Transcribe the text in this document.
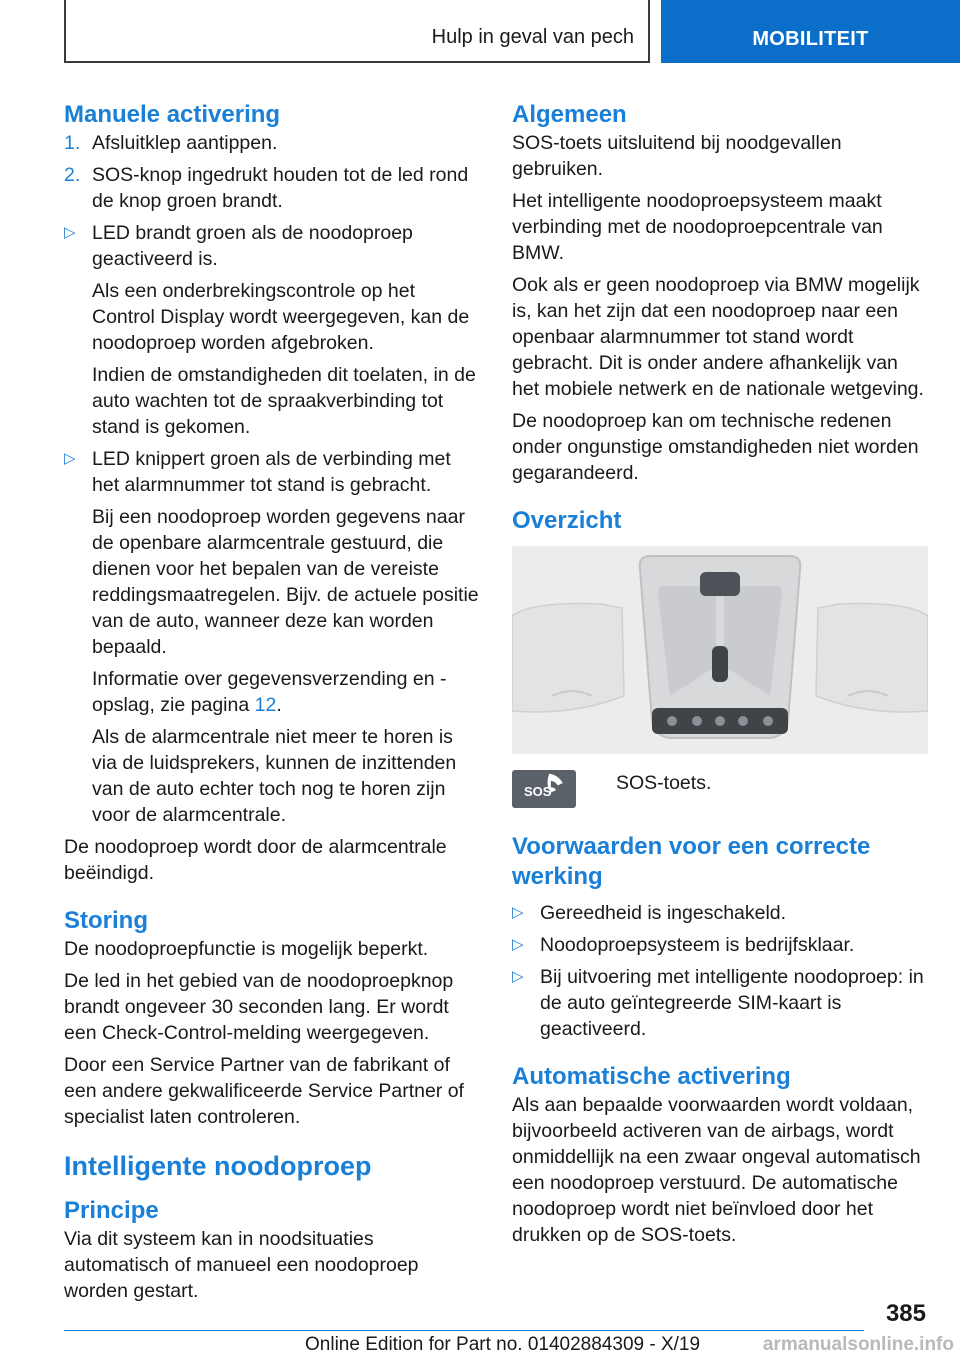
Hulp in geval van pech	MOBILITEIT
Manuele activering
1. Afsluitklep aantippen.
2. SOS-knop ingedrukt houden tot de led rond de knop groen brandt.
▷ LED brandt groen als de noodoproep geactiveerd is.

Als een onderbrekingscontrole op het Control Display wordt weergegeven, kan de noodoproep worden afgebroken.

Indien de omstandigheden dit toelaten, in de auto wachten tot de spraakverbinding tot stand is gekomen.

▷ LED knippert groen als de verbinding met het alarmnummer tot stand is gebracht.

Bij een noodoproep worden gegevens naar de openbare alarmcentrale gestuurd, die dienen voor het bepalen van de vereiste reddingsmaatregelen. Bijv. de actuele positie van de auto, wanneer deze kan worden bepaald.

Informatie over gegevensverzending en -opslag, zie pagina 12.

Als de alarmcentrale niet meer te horen is via de luidsprekers, kunnen de inzittenden van de auto echter toch nog te horen zijn voor de alarmcentrale.

De noodoproep wordt door de alarmcentrale beëindigd.

Storing

De noodoproepfunctie is mogelijk beperkt.

De led in het gebied van de noodoproepknop brandt ongeveer 30 seconden lang. Er wordt een Check-Control-melding weergegeven.

Door een Service Partner van de fabrikant of een andere gekwalificeerde Service Partner of specialist laten controleren.

Intelligente noodoproep
Principe

Via dit systeem kan in noodsituaties automatisch of manueel een noodoproep worden gestart.

Algemeen

SOS-toets uitsluitend bij noodgevallen gebruiken.

Het intelligente noodoproepsysteem maakt verbinding met de noodoproepcentrale van BMW.

Ook als er geen noodoproep via BMW mogelijk is, kan het zijn dat een noodoproep naar een openbaar alarmnummer tot stand wordt gebracht. Dit is onder andere afhankelijk van het mobiele netwerk en de nationale wetgeving.

De noodoproep kan om technische redenen onder ongunstige omstandigheden niet worden gegarandeerd.

Overzicht
SOS	SOS-toets.
Voorwaarden voor een correcte werking
▷ Gereedheid is ingeschakeld.
▷ Noodoproepsysteem is bedrijfsklaar.
▷ Bij uitvoering met intelligente noodoproep: in de auto geïntegreerde SIM-kaart is geactiveerd.
Automatische activering

Als aan bepaalde voorwaarden wordt voldaan, bijvoorbeeld activeren van de airbags, wordt onmiddellijk na een zwaar ongeval automatisch een noodoproep verstuurd. De automatische noodoproep wordt niet beïnvloed door het drukken op de SOS-toets.

385
Online Edition for Part no. 01402884309 - X/19	armanualsonline.info
